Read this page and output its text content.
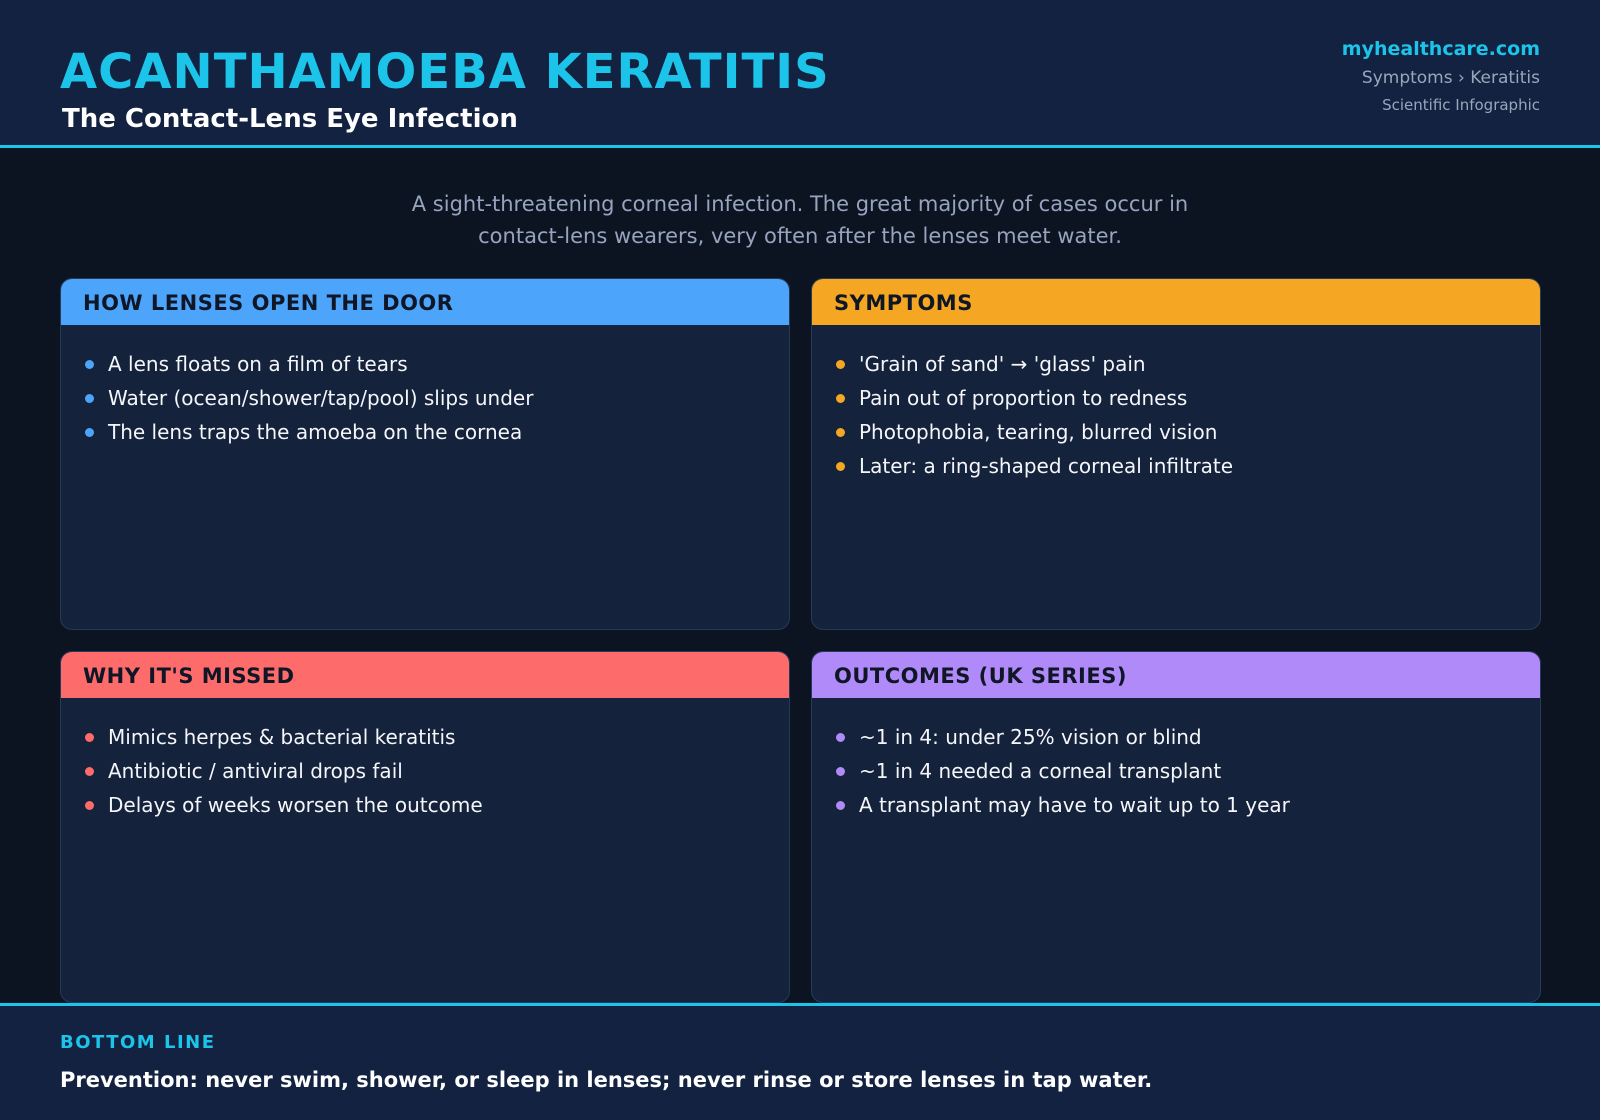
ACANTHAMOEBA KERATITIS
The Contact-Lens Eye Infection
myhealthcare.com
Symptoms › Keratitis
Scientific Infographic
A sight-threatening corneal infection. The great majority of cases occur in
contact-lens wearers, very often after the lenses meet water.
HOW LENSES OPEN THE DOOR
A lens floats on a film of tears
Water (ocean/shower/tap/pool) slips under
The lens traps the amoeba on the cornea
SYMPTOMS
'Grain of sand' → 'glass' pain
Pain out of proportion to redness
Photophobia, tearing, blurred vision
Later: a ring-shaped corneal infiltrate
WHY IT'S MISSED
Mimics herpes & bacterial keratitis
Antibiotic / antiviral drops fail
Delays of weeks worsen the outcome
OUTCOMES (UK SERIES)
~1 in 4: under 25% vision or blind
~1 in 4 needed a corneal transplant
A transplant may have to wait up to 1 year
BOTTOM LINE
Prevention: never swim, shower, or sleep in lenses; never rinse or store lenses in tap water.
